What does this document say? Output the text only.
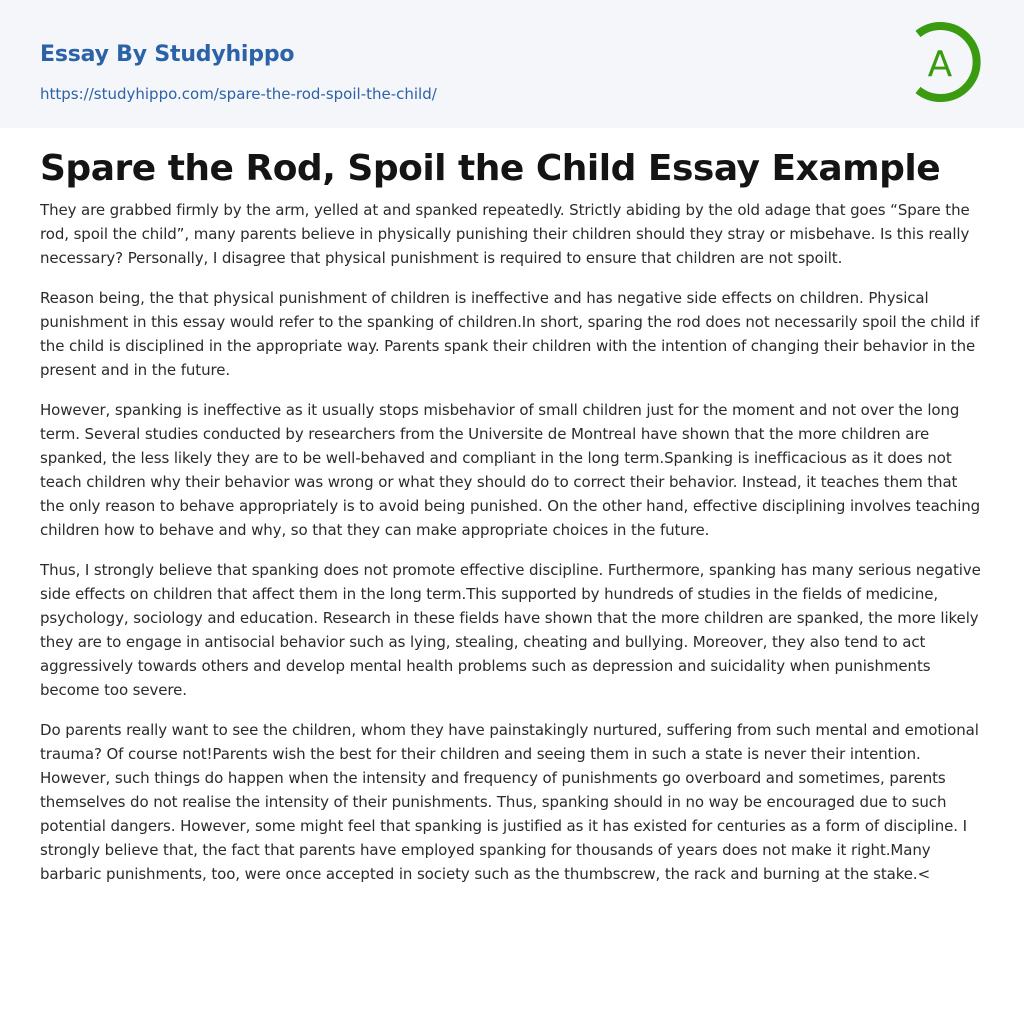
Essay By Studyhippo
https://studyhippo.com/spare-the-rod-spoil-the-child/
A
Spare the Rod, Spoil the Child Essay Example

They are grabbed firmly by the arm, yelled at and spanked repeatedly. Strictly abiding by the old adage that goes “Spare the rod, spoil the child”, many parents believe in physically punishing their children should they stray or misbehave. Is this really necessary? Personally, I disagree that physical punishment is required to ensure that children are not spoilt.

Reason being, the that physical punishment of children is ineffective and has negative side effects on children. Physical punishment in this essay would refer to the spanking of children.In short, sparing the rod does not necessarily spoil the child if the child is disciplined in the appropriate way. Parents spank their children with the intention of changing their behavior in the present and in the future.

However, spanking is ineffective as it usually stops misbehavior of small children just for the moment and not over the long term. Several studies conducted by researchers from the Universite de Montreal have shown that the more children are spanked, the less likely they are to be well-behaved and compliant in the long term.Spanking is inefficacious as it does not teach children why their behavior was wrong or what they should do to correct their behavior. Instead, it teaches them that the only reason to behave appropriately is to avoid being punished. On the other hand, effective disciplining involves teaching children how to behave and why, so that they can make appropriate choices in the future.

Thus, I strongly believe that spanking does not promote effective discipline. Furthermore, spanking has many serious negative side effects on children that affect them in the long term.This supported by hundreds of studies in the fields of medicine, psychology, sociology and education. Research in these fields have shown that the more children are spanked, the more likely they are to engage in antisocial behavior such as lying, stealing, cheating and bullying. Moreover, they also tend to act aggressively towards others and develop mental health problems such as depression and suicidality when punishments become too severe.

Do parents really want to see the children, whom they have painstakingly nurtured, suffering from such mental and emotional trauma? Of course not!Parents wish the best for their children and seeing them in such a state is never their intention. However, such things do happen when the intensity and frequency of punishments go overboard and sometimes, parents themselves do not realise the intensity of their punishments. Thus, spanking should in no way be encouraged due to such potential dangers. However, some might feel that spanking is justified as it has existed for centuries as a form of discipline. I strongly believe that, the fact that parents have employed spanking for thousands of years does not make it right.Many barbaric punishments, too, were once accepted in society such as the thumbscrew, the rack and burning at the stake.<
